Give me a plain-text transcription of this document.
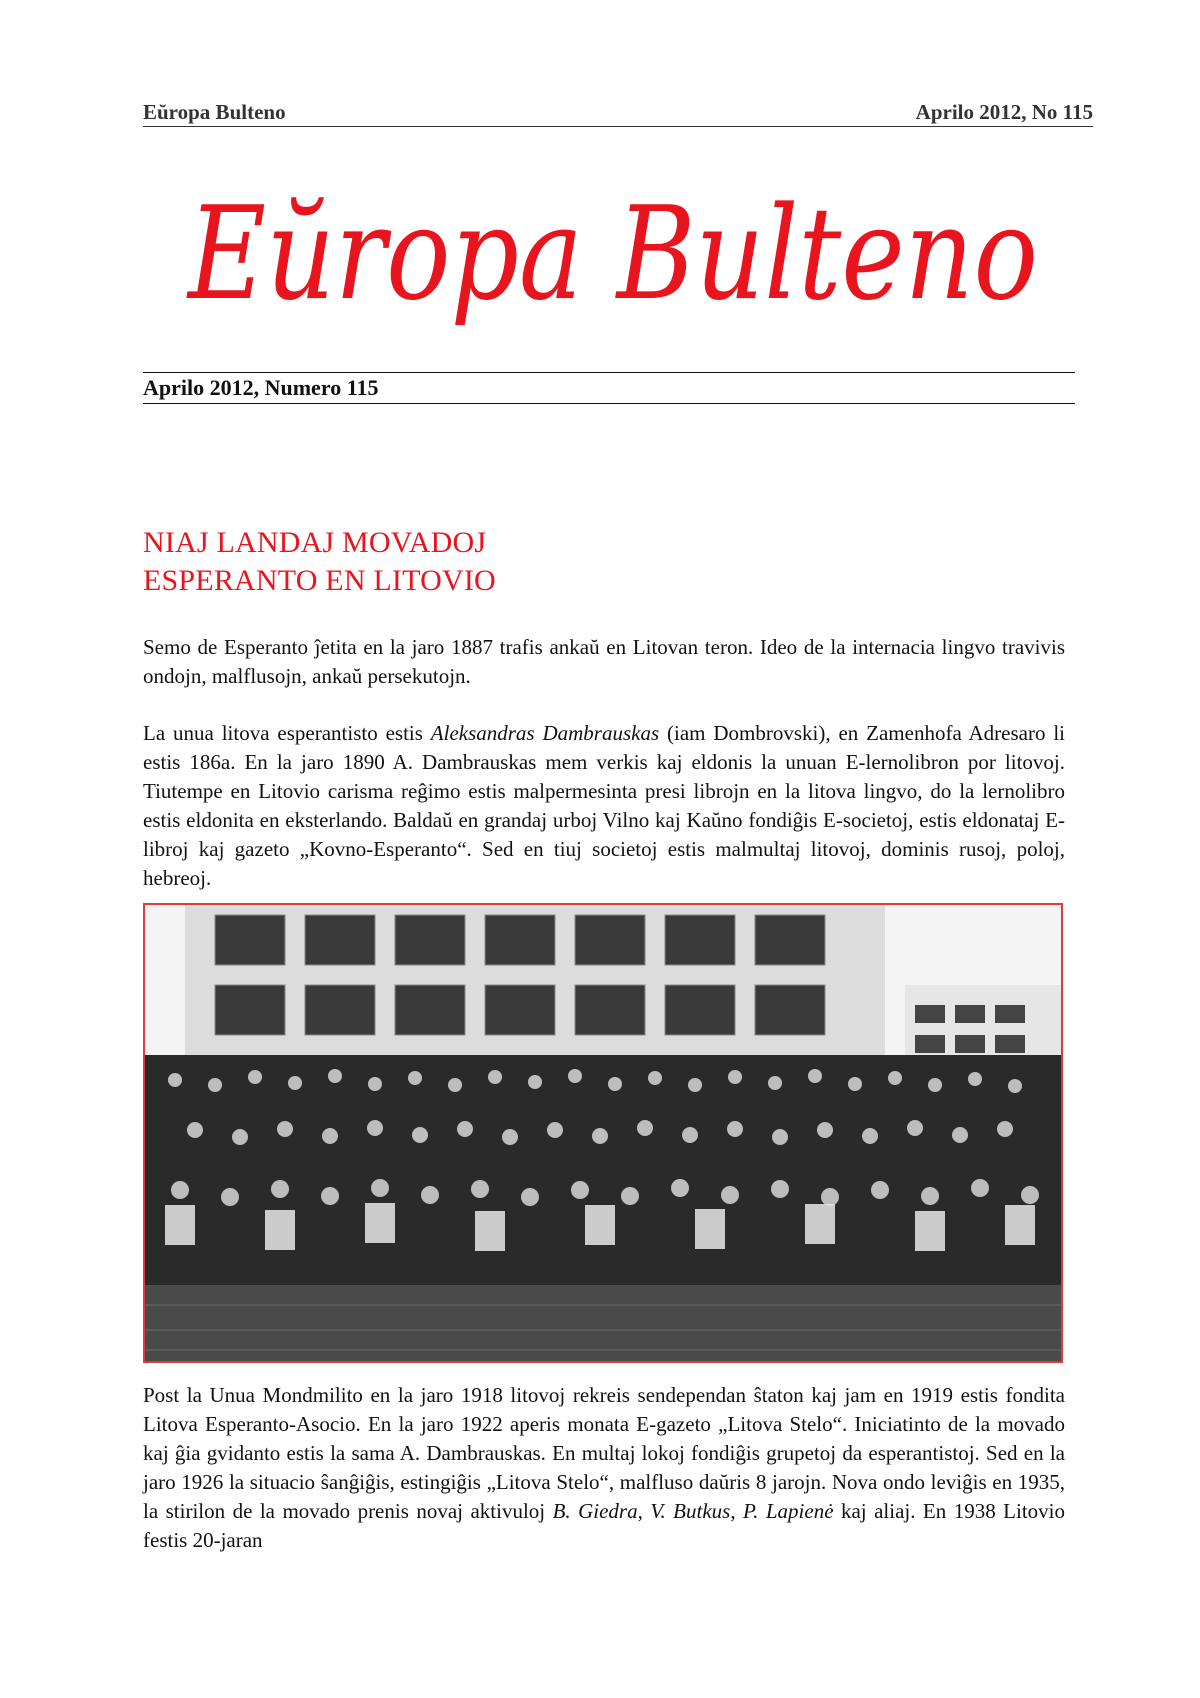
Eŭropa Bulteno	Aprilo 2012, No 115
Eŭropa Bulteno
Aprilo 2012, Numero 115
NIAJ LANDAJ MOVADOJ
ESPERANTO EN LITOVIO

Semo de Esperanto ĵetita en la jaro 1887 trafis ankaŭ en Litovan teron. Ideo de la internacia lingvo travivis ondojn, malflusojn, ankaŭ persekutojn.

La unua litova esperantisto estis Aleksandras Dambrauskas (iam Dombrovski), en Zamenhofa Adresaro li estis 186a. En la jaro 1890 A. Dambrauskas mem verkis kaj eldonis la unuan E-lernolibron por litovoj. Tiutempe en Litovio carisma reĝimo estis malpermesinta presi librojn en la litova lingvo, do la lernolibro estis eldonita en eksterlando. Baldaŭ en grandaj urboj Vilno kaj Kaŭno fondiĝis E-societoj, estis eldonataj E-libroj kaj gazeto „Kovno-Esperanto“. Sed en tiuj societoj estis malmultaj litovoj, dominis rusoj, poloj, hebreoj.

Post la Unua Mondmilito en la jaro 1918 litovoj rekreis sendependan ŝtaton kaj jam en 1919 estis fondita Litova Esperanto-Asocio. En la jaro 1922 aperis monata E-gazeto „Litova Stelo“. Iniciatinto de la movado kaj ĝia gvidanto estis la sama A. Dambrauskas. En multaj lokoj fondiĝis grupetoj da esperantistoj. Sed en la jaro 1926 la situacio ŝanĝiĝis, estingiĝis „Litova Stelo“, malfluso daŭris 8 jarojn. Nova ondo leviĝis en 1935, la stirilon de la movado prenis novaj aktivuloj B. Giedra, V. Butkus, P. Lapienė kaj aliaj. En 1938 Litovio festis 20-jaran
